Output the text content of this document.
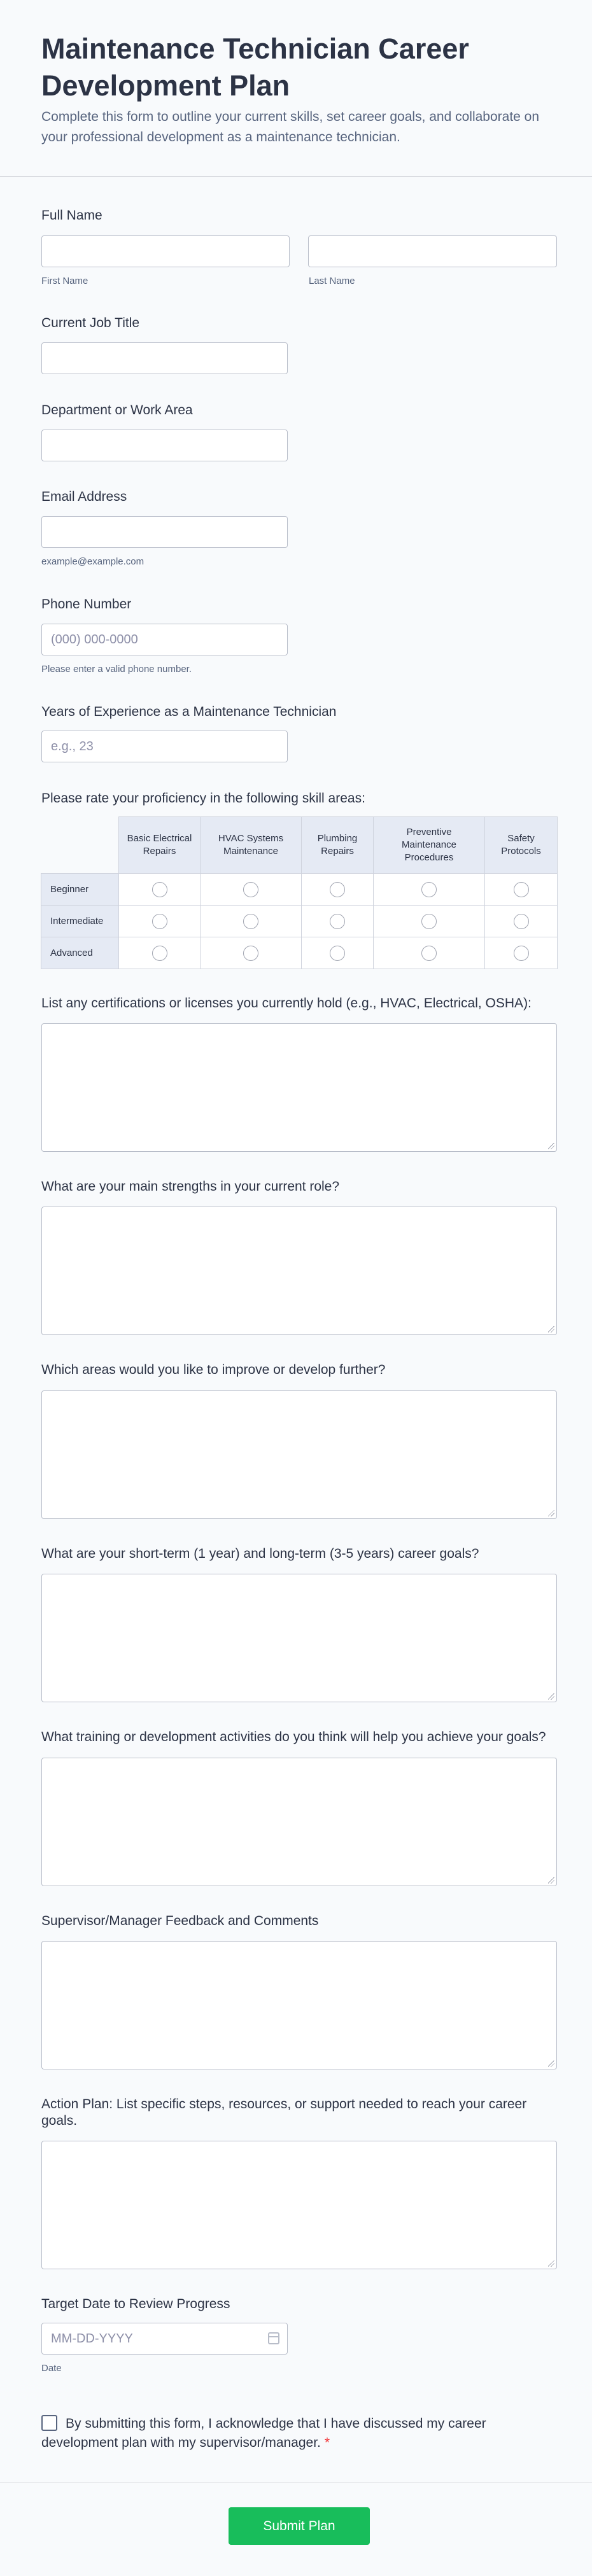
Maintenance Technician Career Development Plan

Complete this form to outline your current skills, set career goals, and collaborate on your professional development as a maintenance technician.

Full Name
First Name	Last Name
Current Job Title
Department or Work Area
Email Address
example@example.com
Phone Number
(000) 000-0000
Please enter a valid phone number.
Years of Experience as a Maintenance Technician
e.g., 23
Please rate your proficiency in the following skill areas:
	Basic Electrical Repairs	HVAC Systems Maintenance	Plumbing Repairs	Preventive Maintenance Procedures	Safety Protocols
Beginner					
Intermediate					
Advanced					
List any certifications or licenses you currently hold (e.g., HVAC, Electrical, OSHA):
What are your main strengths in your current role?
Which areas would you like to improve or develop further?
What are your short-term (1 year) and long-term (3-5 years) career goals?
What training or development activities do you think will help you achieve your goals?
Supervisor/Manager Feedback and Comments
Action Plan: List specific steps, resources, or support needed to reach your career goals.
Target Date to Review Progress
MM-DD-YYYY
Date

By submitting this form, I acknowledge that I have discussed my career development plan with my supervisor/manager. *

Submit Plan
